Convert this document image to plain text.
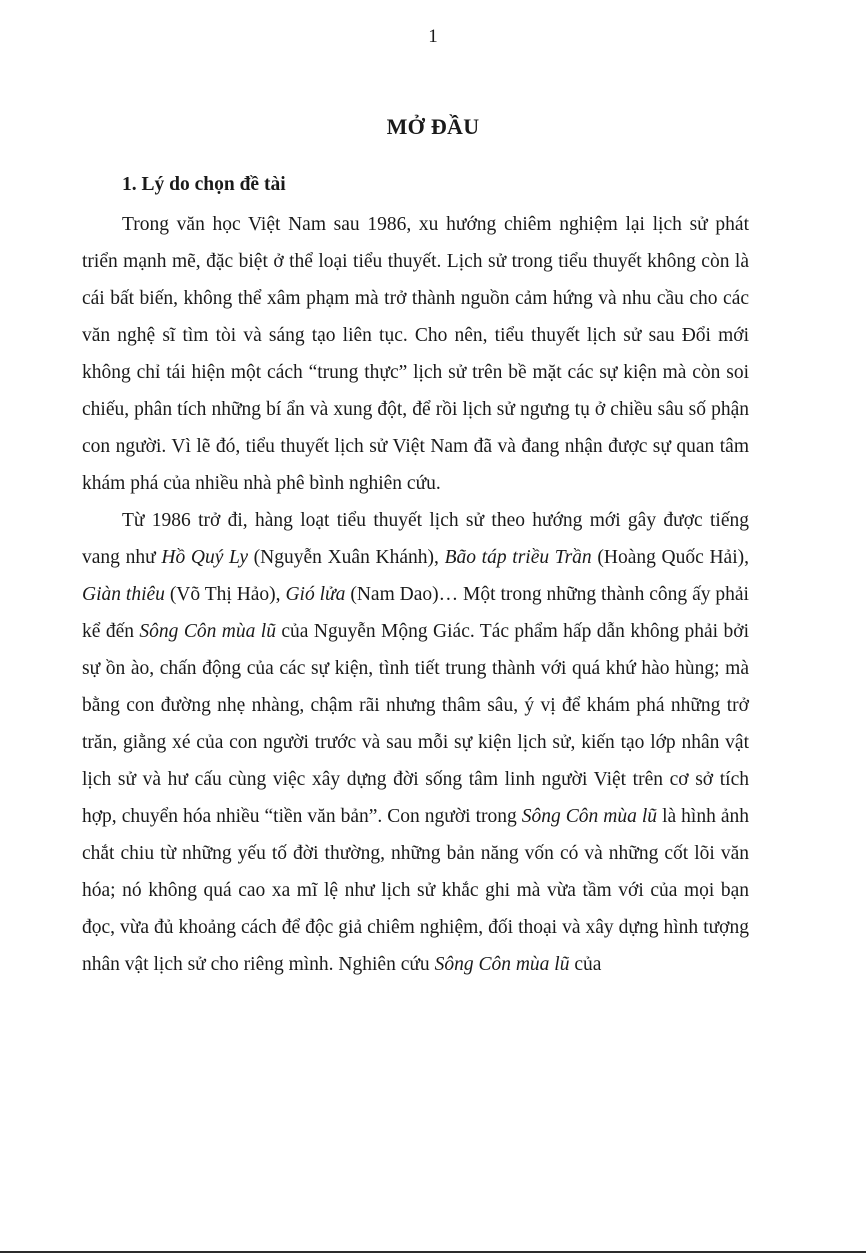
1
MỞ ĐẦU
1. Lý do chọn đề tài

Trong văn học Việt Nam sau 1986, xu hướng chiêm nghiệm lại lịch sử phát triển mạnh mẽ, đặc biệt ở thể loại tiểu thuyết. Lịch sử trong tiểu thuyết không còn là cái bất biến, không thể xâm phạm mà trở thành nguồn cảm hứng và nhu cầu cho các văn nghệ sĩ tìm tòi và sáng tạo liên tục. Cho nên, tiểu thuyết lịch sử sau Đổi mới không chỉ tái hiện một cách “trung thực” lịch sử trên bề mặt các sự kiện mà còn soi chiếu, phân tích những bí ẩn và xung đột, để rồi lịch sử ngưng tụ ở chiều sâu số phận con người. Vì lẽ đó, tiểu thuyết lịch sử Việt Nam đã và đang nhận được sự quan tâm khám phá của nhiều nhà phê bình nghiên cứu.

Từ 1986 trở đi, hàng loạt tiểu thuyết lịch sử theo hướng mới gây được tiếng vang như Hồ Quý Ly (Nguyễn Xuân Khánh), Bão táp triều Trần (Hoàng Quốc Hải), Giàn thiêu (Võ Thị Hảo), Gió lửa (Nam Dao)… Một trong những thành công ấy phải kể đến Sông Côn mùa lũ của Nguyễn Mộng Giác. Tác phẩm hấp dẫn không phải bởi sự ồn ào, chấn động của các sự kiện, tình tiết trung thành với quá khứ hào hùng; mà bằng con đường nhẹ nhàng, chậm rãi nhưng thâm sâu, ý vị để khám phá những trở trăn, giằng xé của con người trước và sau mỗi sự kiện lịch sử, kiến tạo lớp nhân vật lịch sử và hư cấu cùng việc xây dựng đời sống tâm linh người Việt trên cơ sở tích hợp, chuyển hóa nhiều “tiền văn bản”. Con người trong Sông Côn mùa lũ là hình ảnh chắt chiu từ những yếu tố đời thường, những bản năng vốn có và những cốt lõi văn hóa; nó không quá cao xa mĩ lệ như lịch sử khắc ghi mà vừa tầm với của mọi bạn đọc, vừa đủ khoảng cách để độc giả chiêm nghiệm, đối thoại và xây dựng hình tượng nhân vật lịch sử cho riêng mình. Nghiên cứu Sông Côn mùa lũ của
